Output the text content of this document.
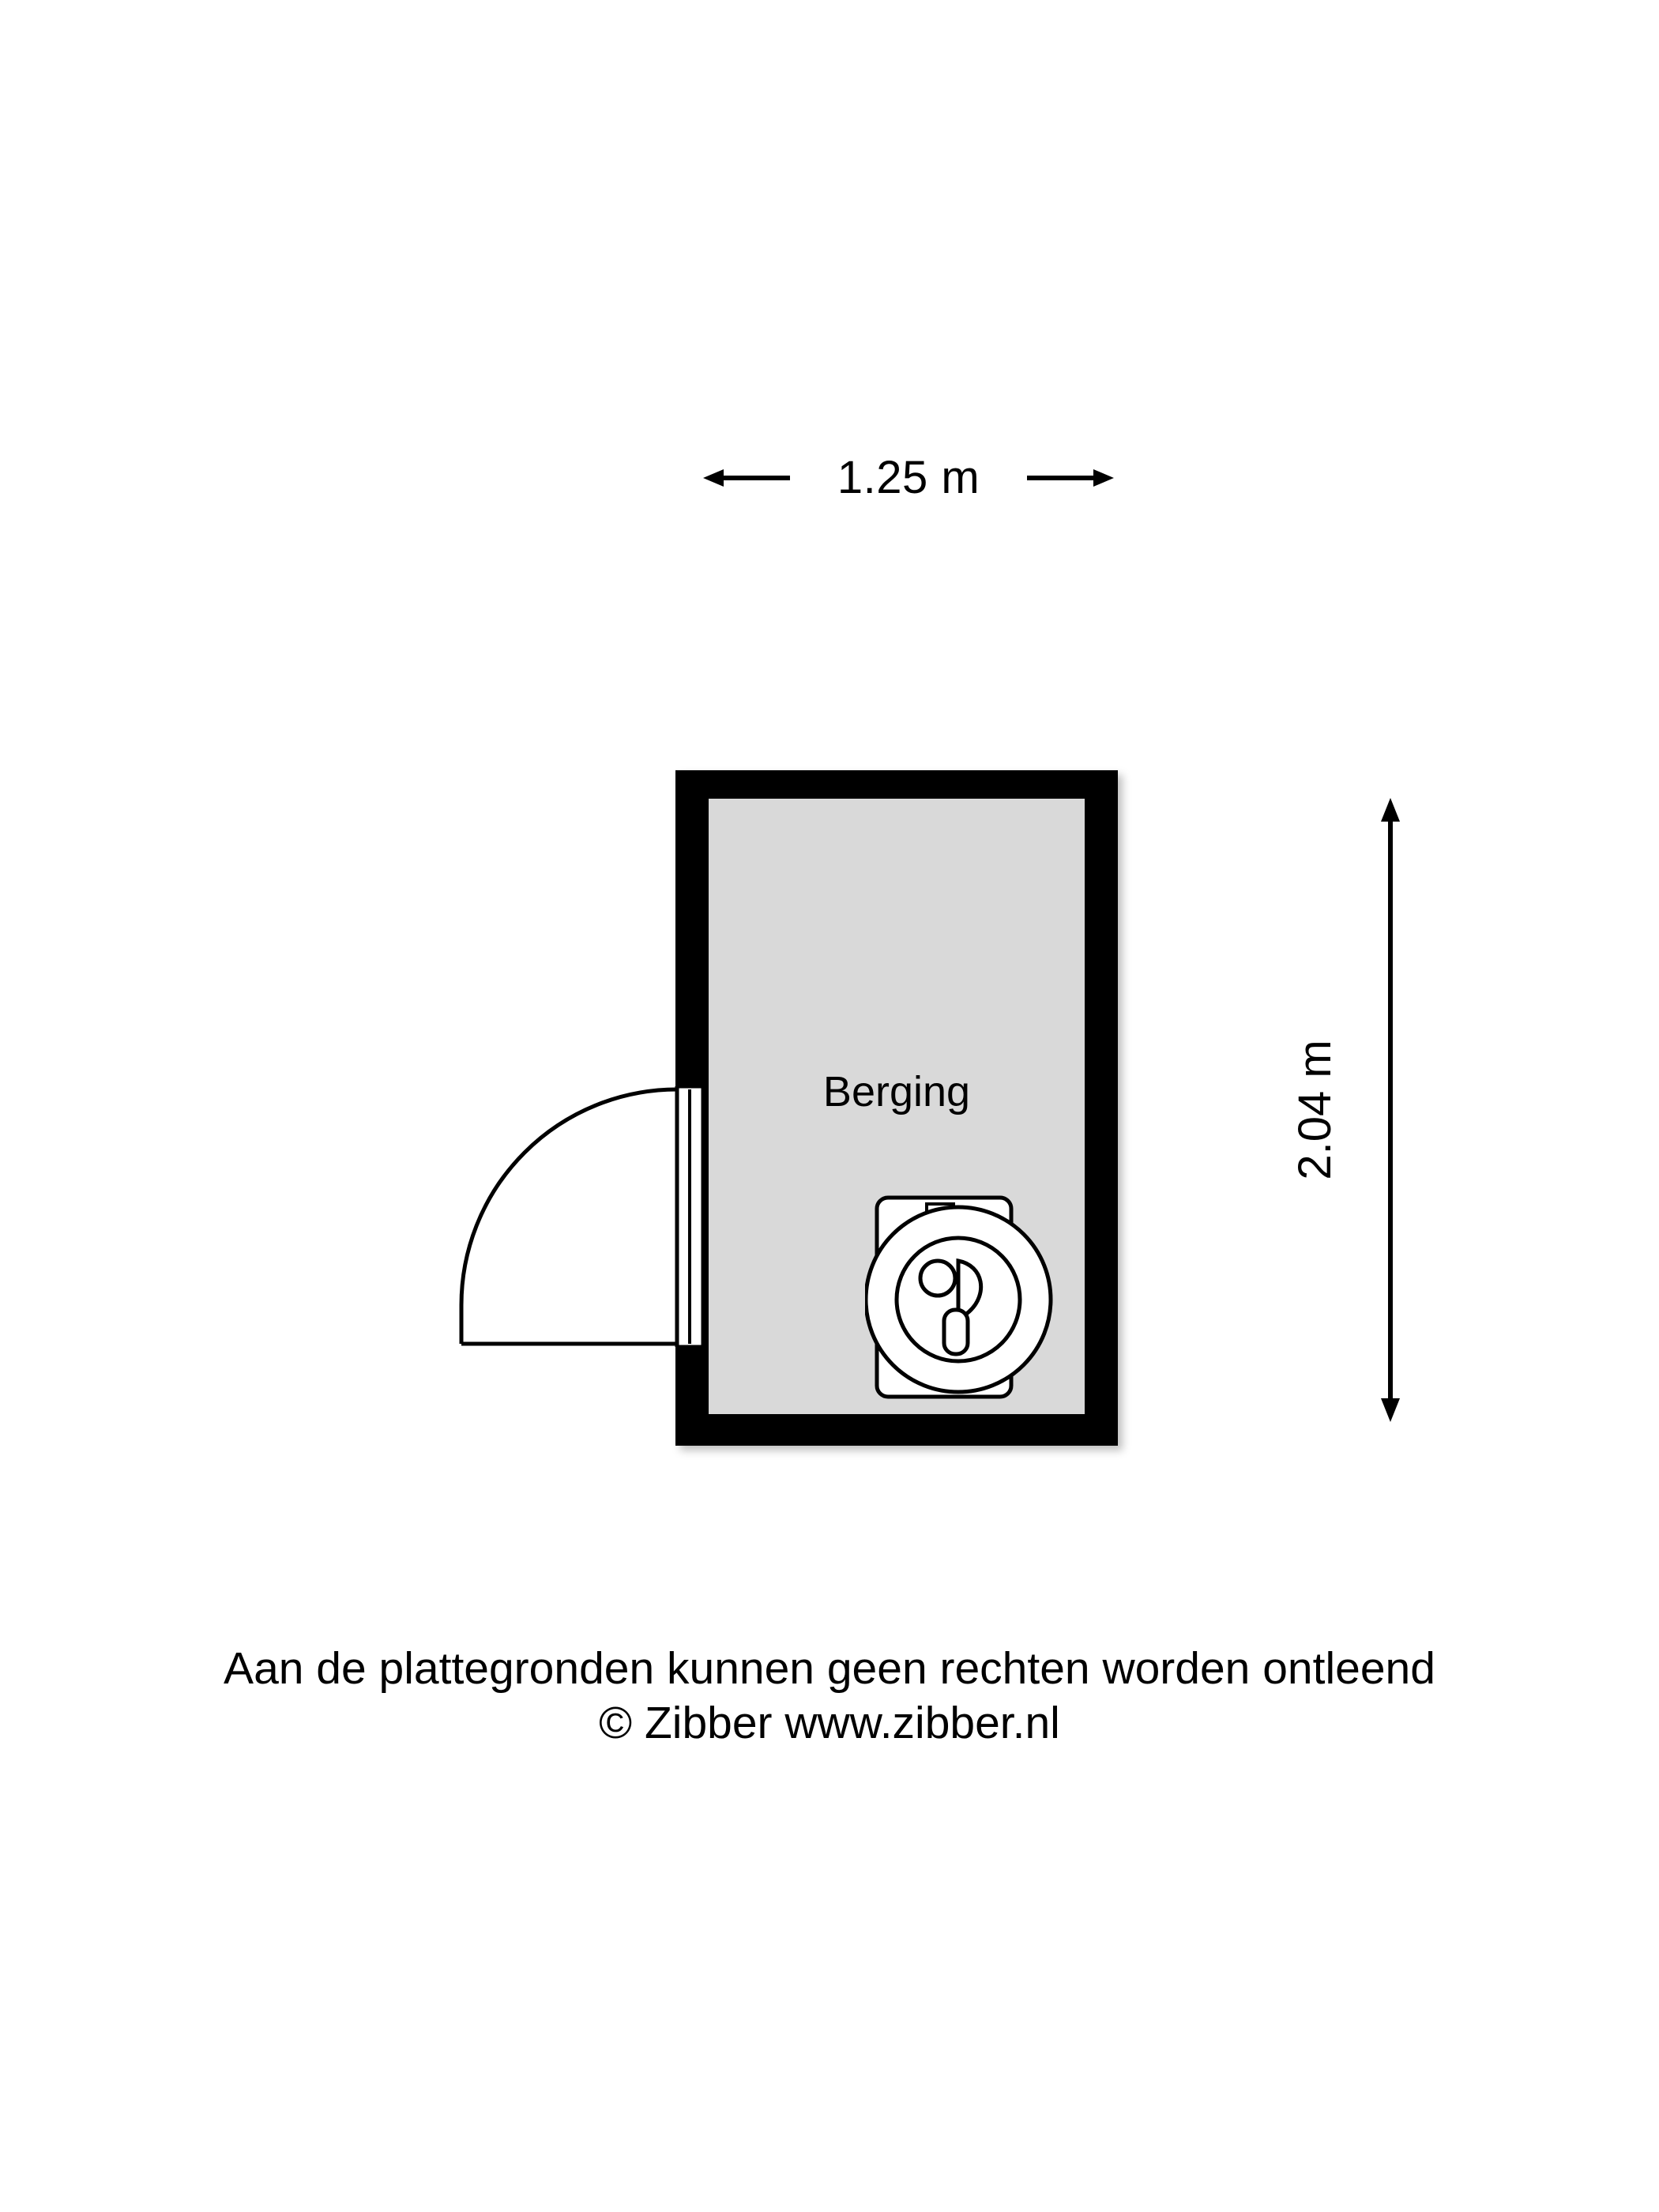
1.25 m
2.04 m
Berging
Aan de plattegronden kunnen geen rechten worden ontleend
© Zibber www.zibber.nl
